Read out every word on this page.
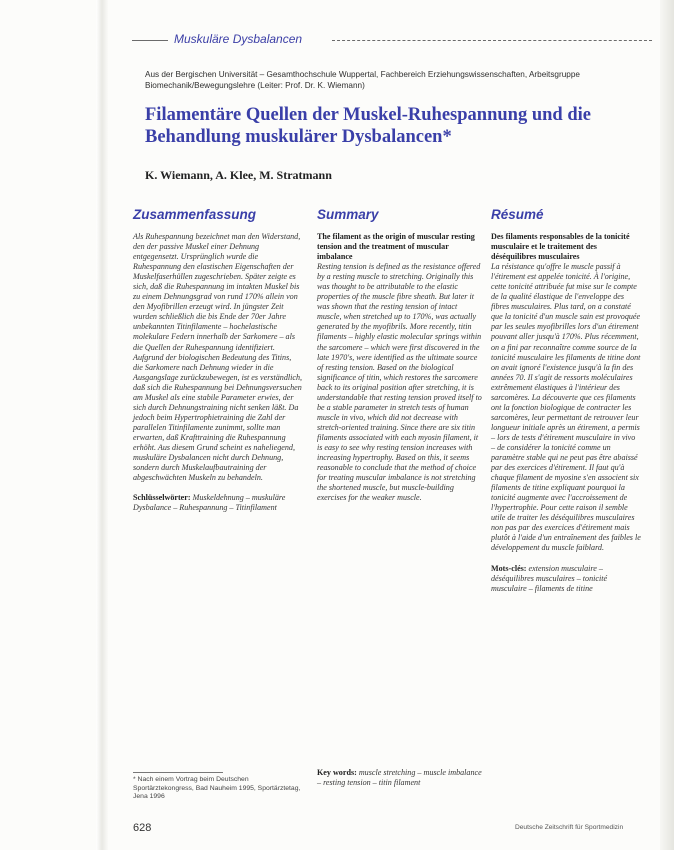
Muskuläre Dysbalancen
Aus der Bergischen Universität – Gesamthochschule Wuppertal, Fachbereich Erziehungswissenschaften, Arbeitsgruppe Biomechanik/Bewegungslehre (Leiter: Prof. Dr. K. Wiemann)
Filamentäre Quellen der Muskel-Ruhespannung und die Behandlung muskulärer Dysbalancen*
K. Wiemann, A. Klee, M. Stratmann
Zusammenfassung

Als Ruhespannung bezeichnet man den Widerstand, den der passive Muskel einer Dehnung entgegensetzt. Ursprünglich wurde die Ruhespannung den elastischen Eigenschaften der Muskelfaserhüllen zugeschrieben. Später zeigte es sich, daß die Ruhespannung im intakten Muskel bis zu einem Dehnungsgrad von rund 170% allein von den Myofibrillen erzeugt wird. In jüngster Zeit wurden schließlich die bis Ende der 70er Jahre unbekannten Titinfilamente – hochelastische molekulare Federn innerhalb der Sarkomere – als die Quellen der Ruhespannung identifiziert. Aufgrund der biologischen Bedeutung des Titins, die Sarkomere nach Dehnung wieder in die Ausgangslage zurückzubewegen, ist es verständlich, daß sich die Ruhespannung bei Dehnungsversuchen am Muskel als eine stabile Parameter erwies, der sich durch Dehnungstraining nicht senken läßt. Da jedoch beim Hypertrophietraining die Zahl der parallelen Titinfilamente zunimmt, sollte man erwarten, daß Krafttraining die Ruhespannung erhöht. Aus diesem Grund scheint es naheliegend, muskuläre Dysbalancen nicht durch Dehnung, sondern durch Muskelaufbautraining der abgeschwächten Muskeln zu behandeln.

Schlüsselwörter: Muskeldehnung – muskuläre Dysbalance – Ruhespannung – Titinfilament

Summary

The filament as the origin of muscular resting tension and the treatment of muscular imbalance

Resting tension is defined as the resistance offered by a resting muscle to stretching. Originally this was thought to be attributable to the elastic properties of the muscle fibre sheath. But later it was shown that the resting tension of intact muscle, when stretched up to 170%, was actually generated by the myofibrils. More recently, titin filaments – highly elastic molecular springs within the sarcomere – which were first discovered in the late 1970's, were identified as the ultimate source of resting tension. Based on the biological significance of titin, which restores the sarcomere back to its original position after stretching, it is understandable that resting tension proved itself to be a stable parameter in stretch tests of human muscle in vivo, which did not decrease with stretch-oriented training. Since there are six titin filaments associated with each myosin filament, it is easy to see why resting tension increases with increasing hypertrophy. Based on this, it seems reasonable to conclude that the method of choice for treating muscular imbalance is not stretching the shortened muscle, but muscle-building exercises for the weaker muscle.

Key words: muscle stretching – muscle imbalance – resting tension – titin filament
Résumé

Des filaments responsables de la tonicité musculaire et le traitement des déséquilibres musculaires

La résistance qu'offre le muscle passif à l'étirement est appelée tonicité. À l'origine, cette tonicité attribuée fut mise sur le compte de la qualité élastique de l'enveloppe des fibres musculaires. Plus tard, on a constaté que la tonicité d'un muscle sain est provoquée par les seules myofibrilles lors d'un étirement pouvant aller jusqu'à 170%. Plus récemment, on a fini par reconnaître comme source de la tonicité musculaire les filaments de titine dont on avait ignoré l'existence jusqu'à la fin des années 70. Il s'agit de ressorts moléculaires extrêmement élastiques à l'intérieur des sarcomères. La découverte que ces filaments ont la fonction biologique de contracter les sarcomères, leur permettant de retrouver leur longueur initiale après un étirement, a permis – lors de tests d'étirement musculaire in vivo – de considérer la tonicité comme un paramètre stable qui ne peut pas être abaissé par des exercices d'étirement. Il faut qu'à chaque filament de myosine s'en associent six filaments de titine expliquant pourquoi la tonicité augmente avec l'accroissement de l'hypertrophie. Pour cette raison il semble utile de traiter les déséquilibres musculaires non pas par des exercices d'étirement mais plutôt à l'aide d'un entraînement des faibles le développement du muscle faiblard.

Mots-clés: extension musculaire – déséquilibres musculaires – tonicité musculaire – filaments de titine

* Nach einem Vortrag beim Deutschen Sportärztekongress, Bad Nauheim 1995, Sportärztetag, Jena 1996
628	Deutsche Zeitschrift für Sportmedizin
